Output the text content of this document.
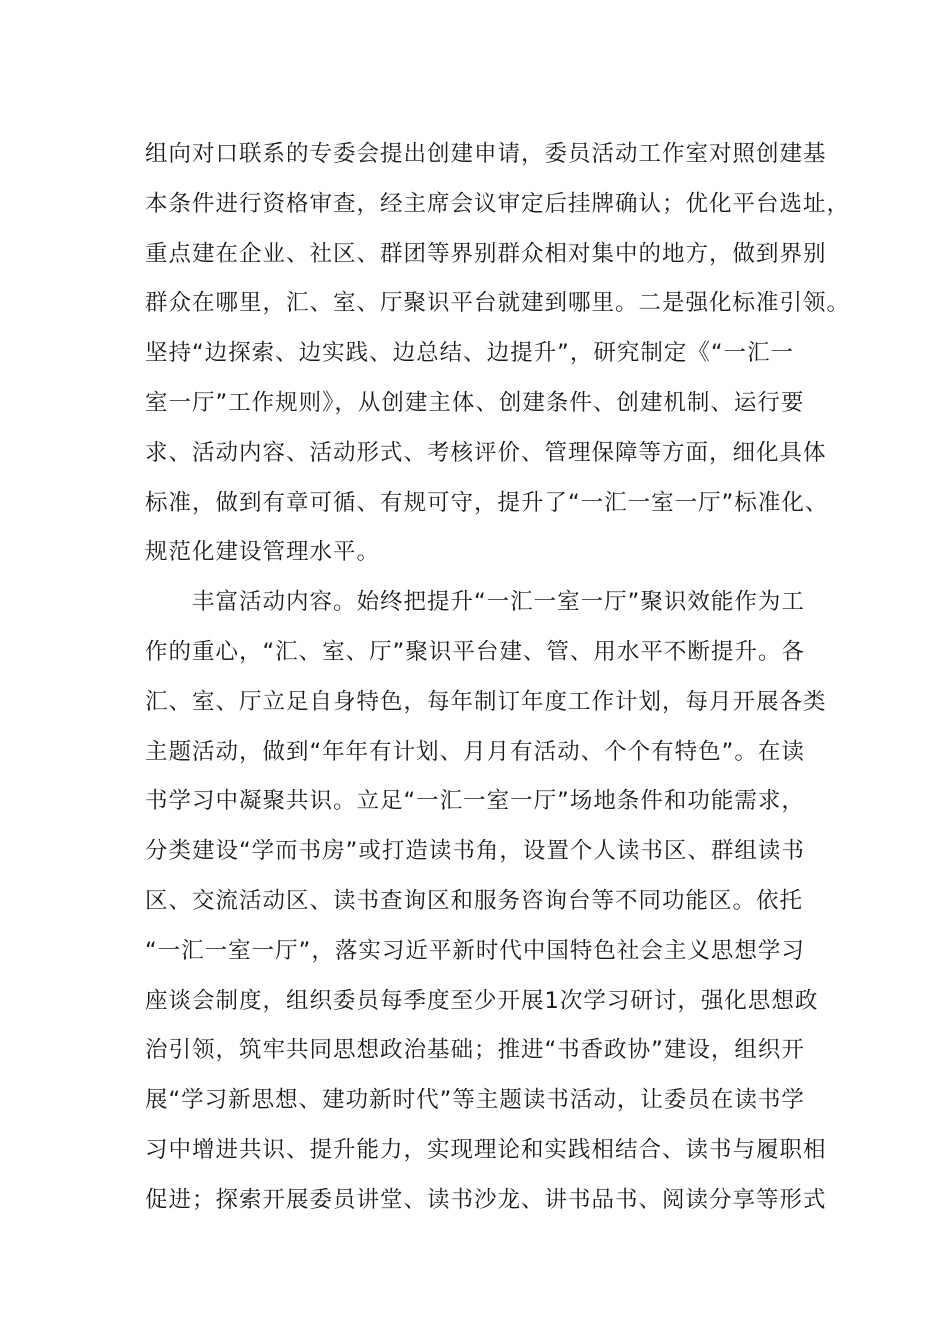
组向对口联系的专委会提出创建申请，委员活动工作室对照创建基
本条件进行资格审查，经主席会议审定后挂牌确认；优化平台选址，
重点建在企业、社区、群团等界别群众相对集中的地方，做到界别
群众在哪里，汇、室、厅聚识平台就建到哪里。二是强化标准引领。
坚持“边探索、边实践、边总结、边提升”，研究制定《“一汇一
室一厅”工作规则》，从创建主体、创建条件、创建机制、运行要
求、活动内容、活动形式、考核评价、管理保障等方面，细化具体
标准，做到有章可循、有规可守，提升了“一汇一室一厅”标准化、
规范化建设管理水平。
丰富活动内容。始终把提升“一汇一室一厅”聚识效能作为工
作的重心，“汇、室、厅”聚识平台建、管、用水平不断提升。各
汇、室、厅立足自身特色，每年制订年度工作计划，每月开展各类
主题活动，做到“年年有计划、月月有活动、个个有特色”。在读
书学习中凝聚共识。立足“一汇一室一厅”场地条件和功能需求，
分类建设“学而书房”或打造读书角，设置个人读书区、群组读书
区、交流活动区、读书查询区和服务咨询台等不同功能区。依托
“一汇一室一厅”，落实习近平新时代中国特色社会主义思想学习
座谈会制度，组织委员每季度至少开展1次学习研讨，强化思想政
治引领，筑牢共同思想政治基础；推进“书香政协”建设，组织开
展“学习新思想、建功新时代”等主题读书活动，让委员在读书学
习中增进共识、提升能力，实现理论和实践相结合、读书与履职相
促进；探索开展委员讲堂、读书沙龙、讲书品书、阅读分享等形式
